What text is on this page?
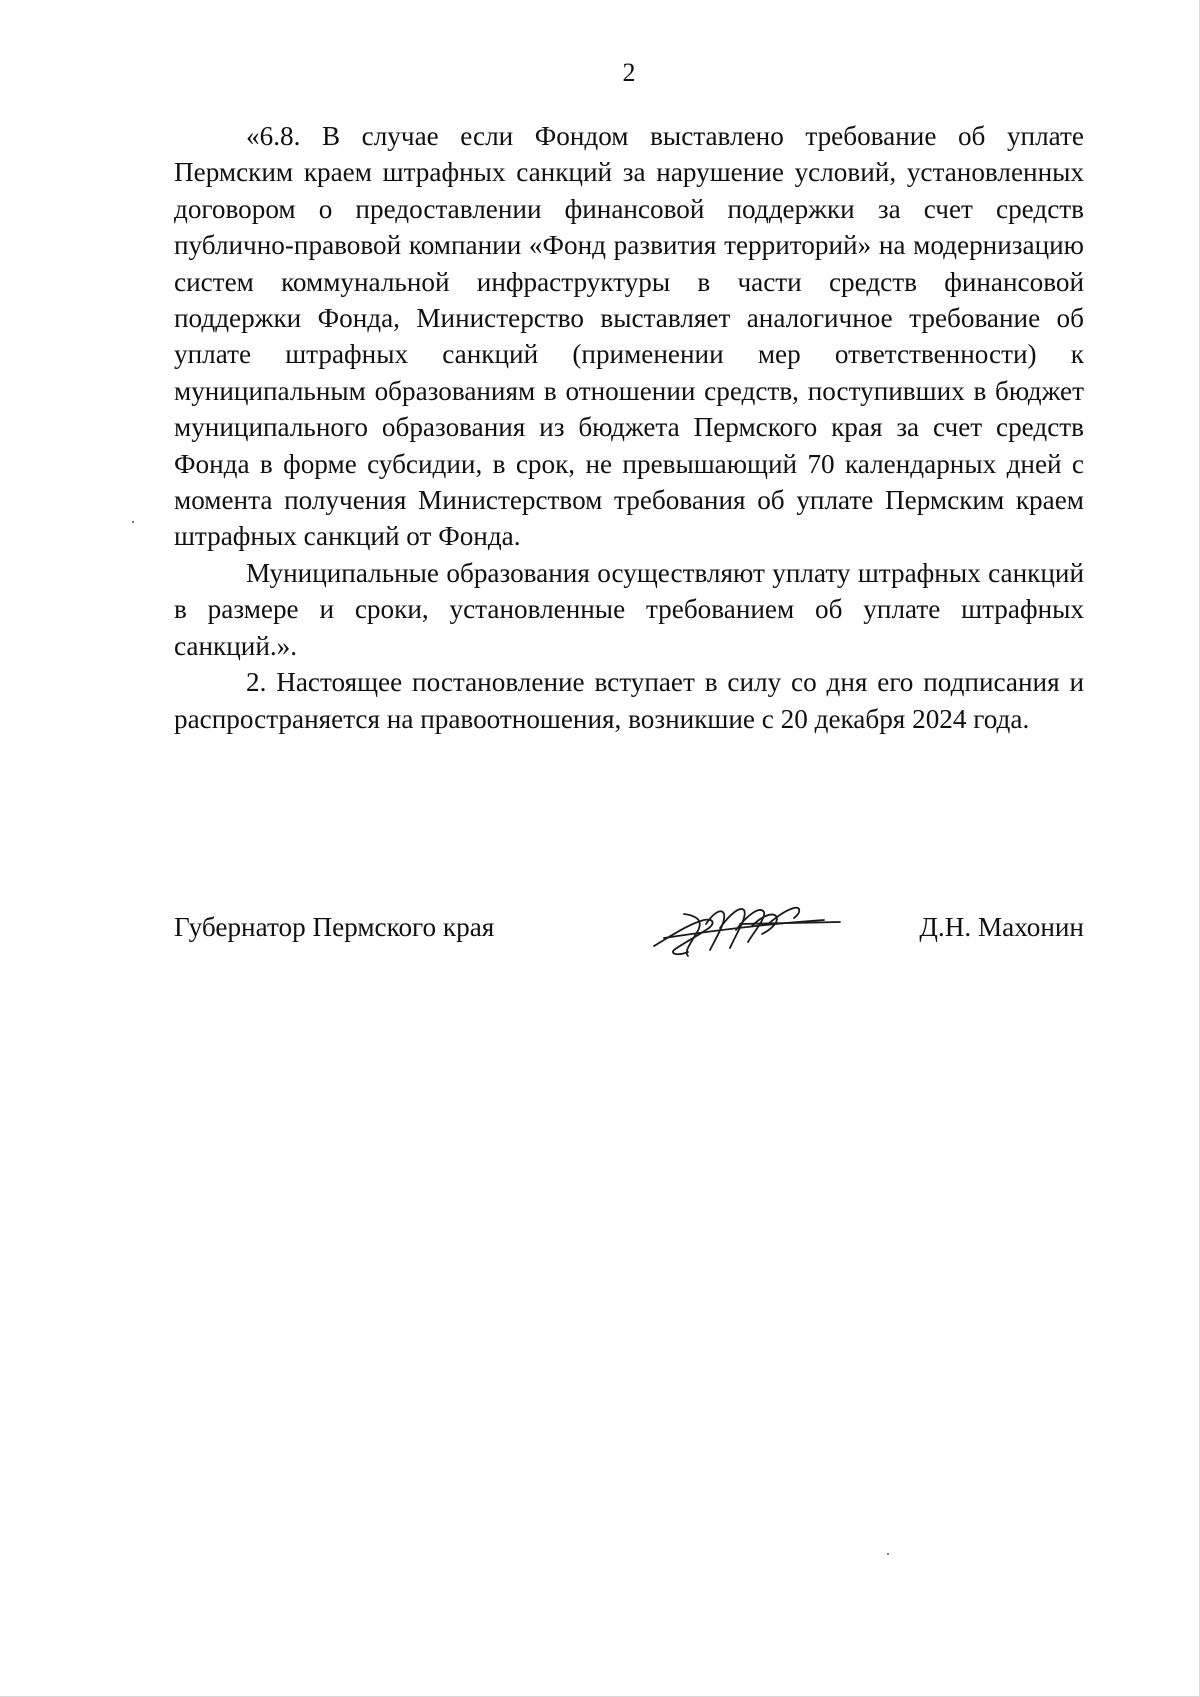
2

«6.8. В случае если Фондом выставлено требование об уплате Пермским краем штрафных санкций за нарушение условий, установленных договором о предоставлении финансовой поддержки за счет средств публично-правовой компании «Фонд развития территорий» на модернизацию систем коммунальной инфраструктуры в части средств финансовой поддержки Фонда, Министерство выставляет аналогичное требование об уплате штрафных санкций (применении мер ответственности) к муниципальным образованиям в отношении средств, поступивших в бюджет муниципального образования из бюджета Пермского края за счет средств Фонда в форме субсидии, в срок, не превышающий 70 календарных дней с момента получения Министерством требования об уплате Пермским краем штрафных санкций от Фонда.

Муниципальные образования осуществляют уплату штрафных санкций в размере и сроки, установленные требованием об уплате штрафных санкций.».

2. Настоящее постановление вступает в силу со дня его подписания и распространяется на правоотношения, возникшие с 20 декабря 2024 года.

Губернатор Пермского края	Д.Н. Махонин
